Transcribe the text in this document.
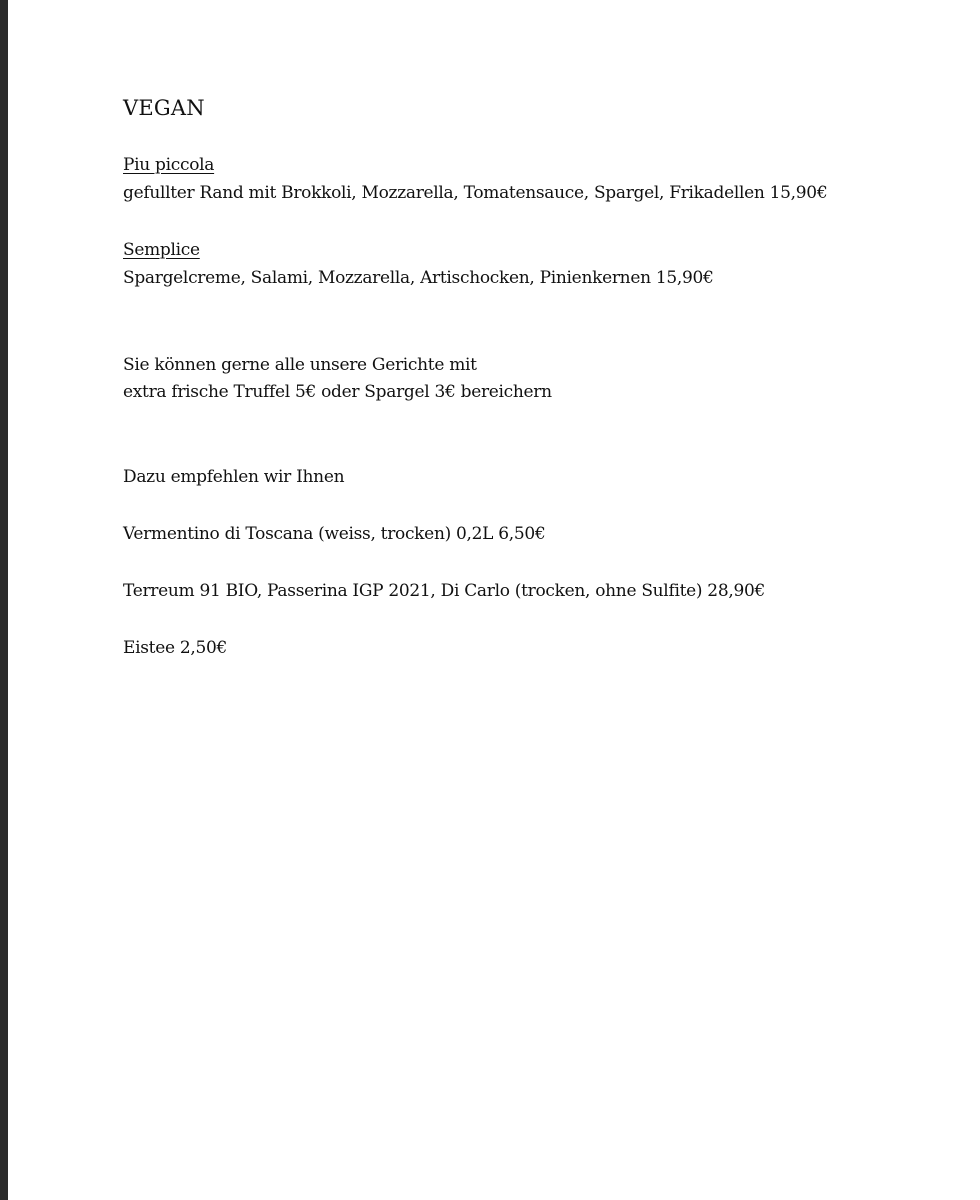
VEGAN

Piu piccola

gefullter Rand mit Brokkoli, Mozzarella, Tomatensauce, Spargel, Frikadellen 15,90€

Semplice

Spargelcreme, Salami, Mozzarella, Artischocken, Pinienkernen 15,90€

Sie können gerne alle unsere Gerichte mit

extra frische Truffel 5€ oder Spargel 3€ bereichern

Dazu empfehlen wir Ihnen

Vermentino di Toscana (weiss, trocken) 0,2L 6,50€

Terreum 91 BIO, Passerina IGP 2021, Di Carlo (trocken, ohne Sulfite) 28,90€

Eistee 2,50€
